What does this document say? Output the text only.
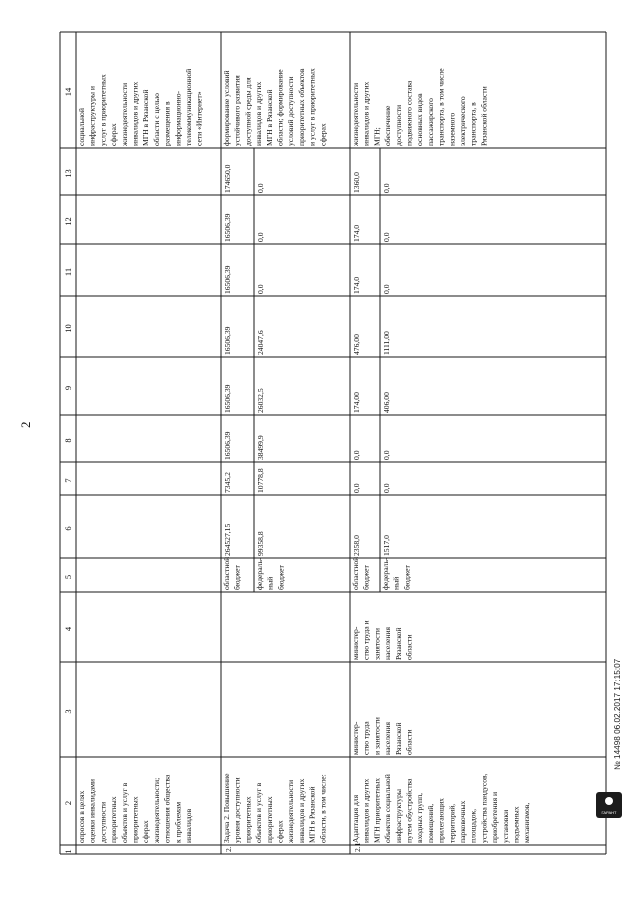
2
1
2
3
4
5
6
7
8
9
10
11
12
13
14
опросов в целях оценки инвалидами доступности приоритетных объектов и услуг в приоритетных сферах жизнедеятельности; отношения общества к проблемам инвалидов
социальной инфраструктуры и услуг в приоритетных сферах жизнедеятельности инвалидов и других МГН в Рязанской области с целью размещения в информационно- телекоммуникационной сети «Интернет»
2.
Задача 2. Повышение уровня доступности приоритетных объектов и услуг в приоритетных сферах жизнедеятельности инвалидов и других МГН в Рязанской области, в том числе:
формирование условий устойчивого развития доступной среды для инвалидов и других МГН в Рязанской области; формирование условий доступности приоритетных объектов и услуг в приоритетных сферах
областной бюджет
264527,15
7345,2
16506,39
16506,39
16506,39
16506,39
16506,39
174650,0
федераль- ный бюджет
99358,8
10778,8
38499,9
26032,5
24047,6
0,0
0,0
0,0
2.1
Адаптация для инвалидов и других МГН приоритетных объектов социальной инфраструктуры путем обустройства входных групп, помещений, прилегающих территорий, парковочных площадок, устройства пандусов, приобретения и установки подъемных механизмов,
министер- ство труда и занятости населения Рязанской области
министер- ство труда и занятости населения Рязанской области
жизнедеятельности инвалидов и других МГН; обеспечение доступности подвижного состава основных видов пассажирского транспорта, в том числе наземного электрического транспорта, в Рязанской области
областной бюджет
2358,0
0,0
0,0
174,00
476,00
174,0
174,0
1360,0
федераль- ный бюджет
1517,0
0,0
0,0
406,00
1111,00
0,0
0,0
0,0
№ 14498 06.02.2017 17:15:07
ГАРАНТ
